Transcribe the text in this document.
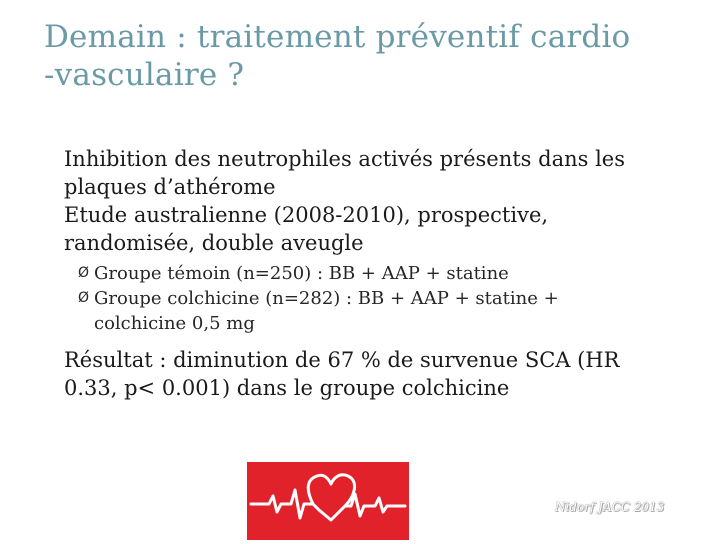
Demain : traitement préventif cardio
-vasculaire ?
Inhibition des neutrophiles activés présents dans les
plaques d’athérome
Etude australienne (2008-2010), prospective,
randomisée, double aveugle
Ø Groupe témoin (n=250) : BB + AAP + statine
Ø Groupe colchicine (n=282) : BB + AAP + statine +
colchicine 0,5 mg
Résultat : diminution de 67 % de survenue SCA (HR
0.33, p< 0.001) dans le groupe colchicine
Nidorf JACC 2013
